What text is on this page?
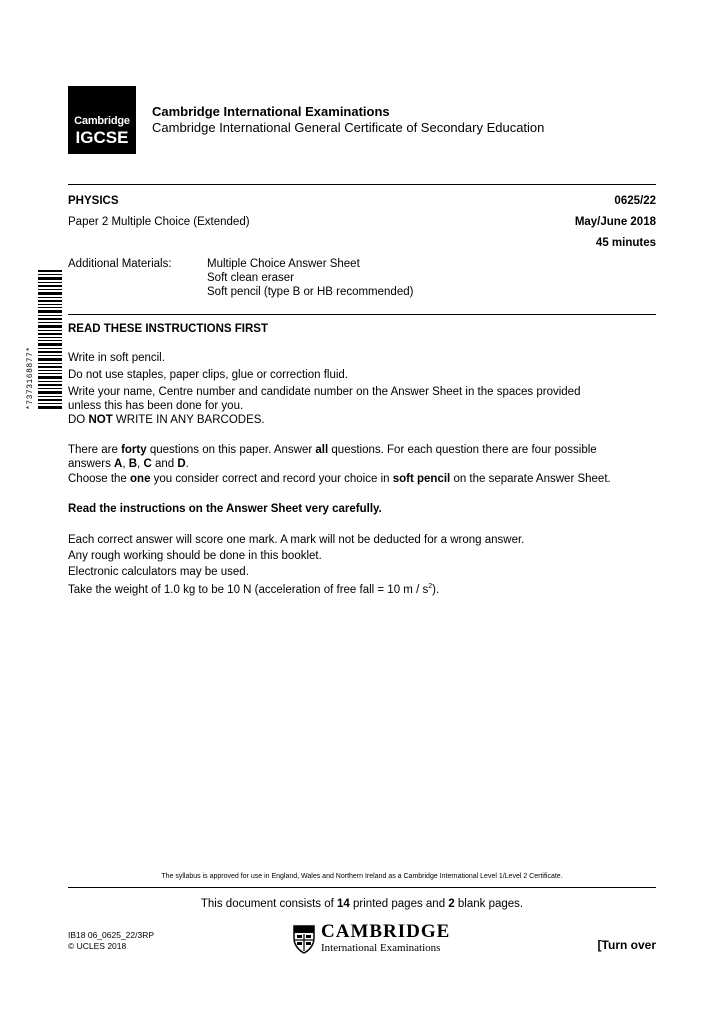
Cambridge
IGCSE
Cambridge International Examinations
Cambridge International General Certificate of Secondary Education
PHYSICS	0625/22
Paper 2 Multiple Choice (Extended)	May/June 2018
45 minutes
Additional Materials:	Multiple Choice Answer Sheet
Soft clean eraser
Soft pencil (type B or HB recommended)
*7373168877*
READ THESE INSTRUCTIONS FIRST
Write in soft pencil.
Do not use staples, paper clips, glue or correction fluid.
Write your name, Centre number and candidate number on the Answer Sheet in the spaces provided
unless this has been done for you.
DO NOT WRITE IN ANY BARCODES.
There are forty questions on this paper. Answer all questions. For each question there are four possible
answers A, B, C and D.
Choose the one you consider correct and record your choice in soft pencil on the separate Answer Sheet.
Read the instructions on the Answer Sheet very carefully.
Each correct answer will score one mark. A mark will not be deducted for a wrong answer.
Any rough working should be done in this booklet.
Electronic calculators may be used.
Take the weight of 1.0 kg to be 10 N (acceleration of free fall = 10 m / $s^2$).
The syllabus is approved for use in England, Wales and Northern Ireland as a Cambridge International Level 1/Level 2 Certificate.
This document consists of 14 printed pages and 2 blank pages.
IB18 06_0625_22/3RP
© UCLES 2018
CAMBRIDGE
International Examinations	[Turn over
